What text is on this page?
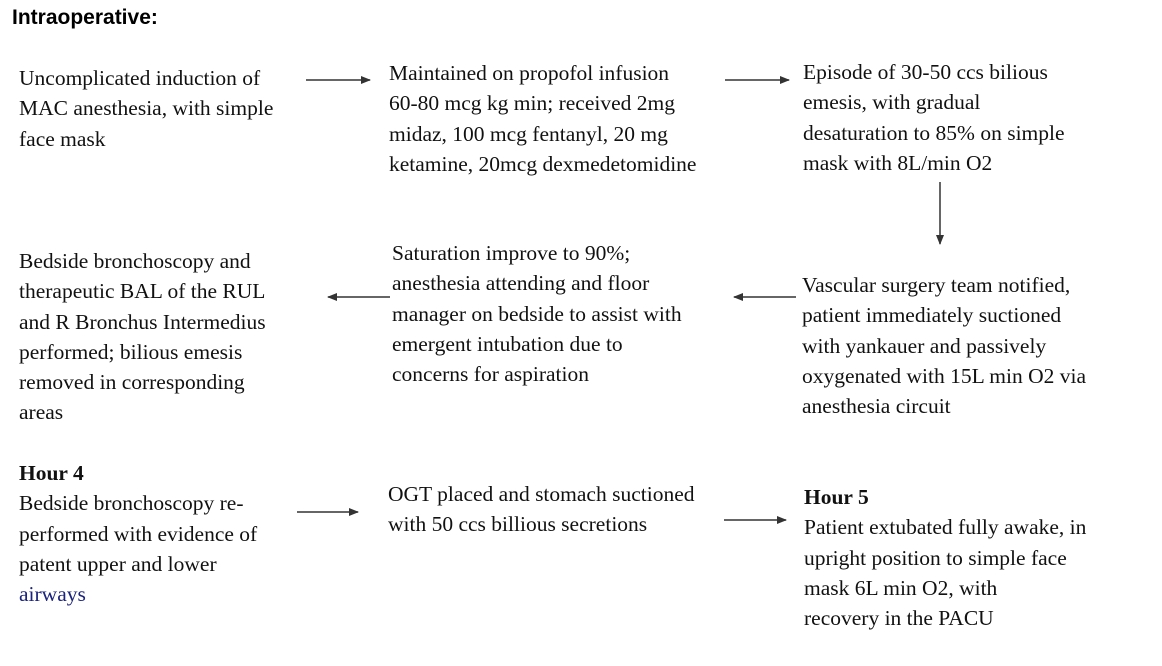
Intraoperative:
Uncomplicated induction of
MAC anesthesia, with simple
face mask
Maintained on propofol infusion
60-80 mcg kg min; received 2mg
midaz, 100 mcg fentanyl, 20 mg
ketamine, 20mcg dexmedetomidine
Episode of 30-50 ccs bilious
emesis, with gradual
desaturation to 85% on simple
mask with 8L/min O2
Bedside bronchoscopy and
therapeutic BAL of the RUL
and R Bronchus Intermedius
performed; bilious emesis
removed in corresponding
areas
Saturation improve to 90%;
anesthesia attending and floor
manager on bedside to assist with
emergent intubation due to
concerns for aspiration
Vascular surgery team notified,
patient immediately suctioned
with yankauer and passively
oxygenated with 15L min O2 via
anesthesia circuit
Hour 4
Bedside bronchoscopy re-
performed with evidence of
patent upper and lower
airways
OGT placed and stomach suctioned
with 50 ccs billious secretions
Hour 5
Patient extubated fully awake, in
upright position to simple face
mask 6L min O2, with
recovery in the PACU
